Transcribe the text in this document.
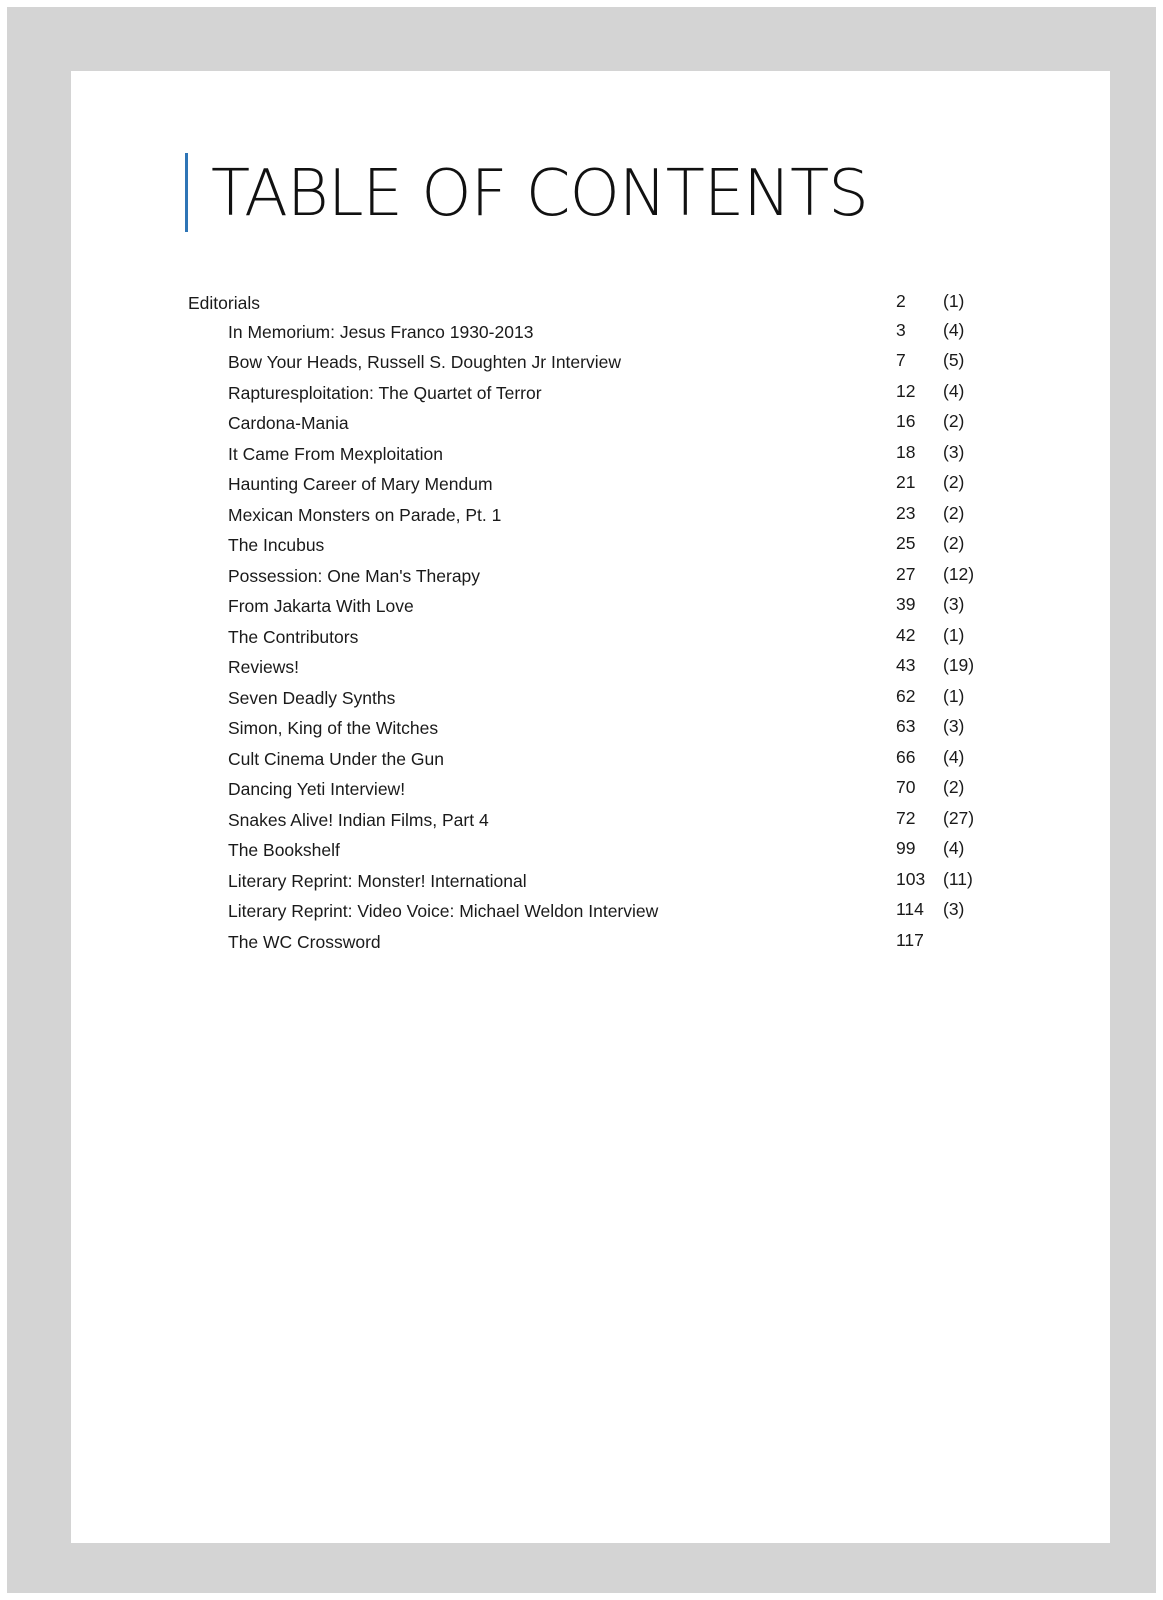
TABLE OF CONTENTS
Editorials	2 (1)
In Memorium: Jesus Franco 1930-2013	3 (4)
Bow Your Heads, Russell S. Doughten Jr Interview	7 (5)
Rapturesploitation: The Quartet of Terror	12 (4)
Cardona-Mania	16 (2)
It Came From Mexploitation	18 (3)
Haunting Career of Mary Mendum	21 (2)
Mexican Monsters on Parade, Pt. 1	23 (2)
The Incubus	25 (2)
Possession: One Man's Therapy	27 (12)
From Jakarta With Love	39 (3)
The Contributors	42 (1)
Reviews!	43 (19)
Seven Deadly Synths	62 (1)
Simon, King of the Witches	63 (3)
Cult Cinema Under the Gun	66 (4)
Dancing Yeti Interview!	70 (2)
Snakes Alive! Indian Films, Part 4	72 (27)
The Bookshelf	99 (4)
Literary Reprint: Monster! International	103 (11)
Literary Reprint: Video Voice: Michael Weldon Interview	114 (3)
The WC Crossword	117
